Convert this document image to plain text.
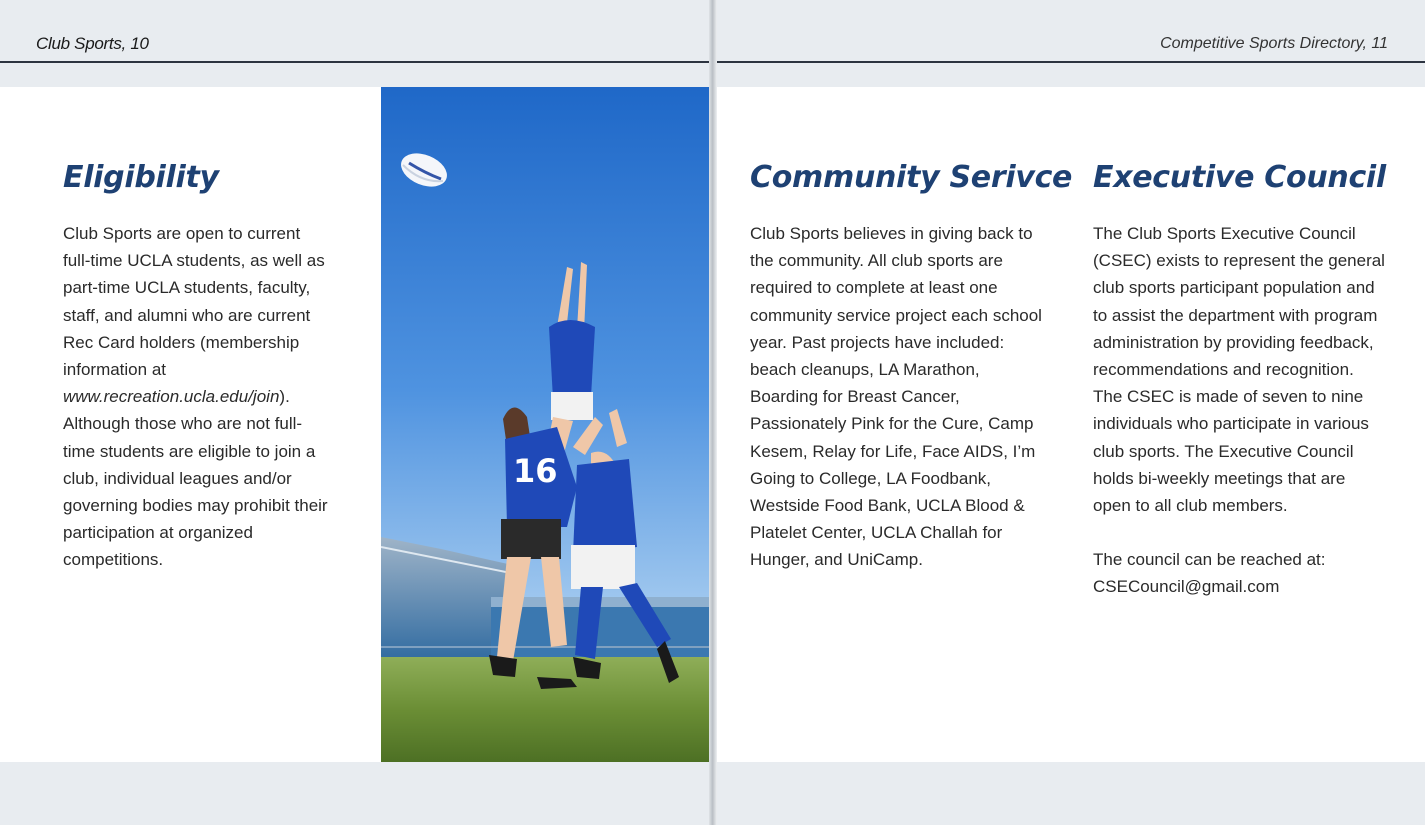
Club Sports, 10	Competitive Sports Directory, 11
Eligibility

Club Sports are open to current full-time UCLA students, as well as part-time UCLA students, faculty, staff, and alumni who are current Rec Card holders (membership information at www.recreation.ucla.edu/join). Although those who are not full-time students are eligible to join a club, individual leagues and/or governing bodies may prohibit their participation at organized competitions.

16
Community Serivce

Club Sports believes in giving back to the community. All club sports are required to complete at least one community service project each school year. Past projects have included: beach cleanups, LA Marathon, Boarding for Breast Cancer, Passionately Pink for the Cure, Camp Kesem, Relay for Life, Face AIDS, I’m Going to College, LA Foodbank, Westside Food Bank, UCLA Blood & Platelet Center, UCLA Challah for Hunger, and UniCamp.

Executive Council

The Club Sports Executive Council (CSEC) exists to represent the general club sports participant population and to assist the department with program administration by providing feedback, recommendations and recognition. The CSEC is made of seven to nine individuals who participate in various club sports. The Executive Council holds bi-weekly meetings that are open to all club members.

The council can be reached at:

CSECouncil@gmail.com
